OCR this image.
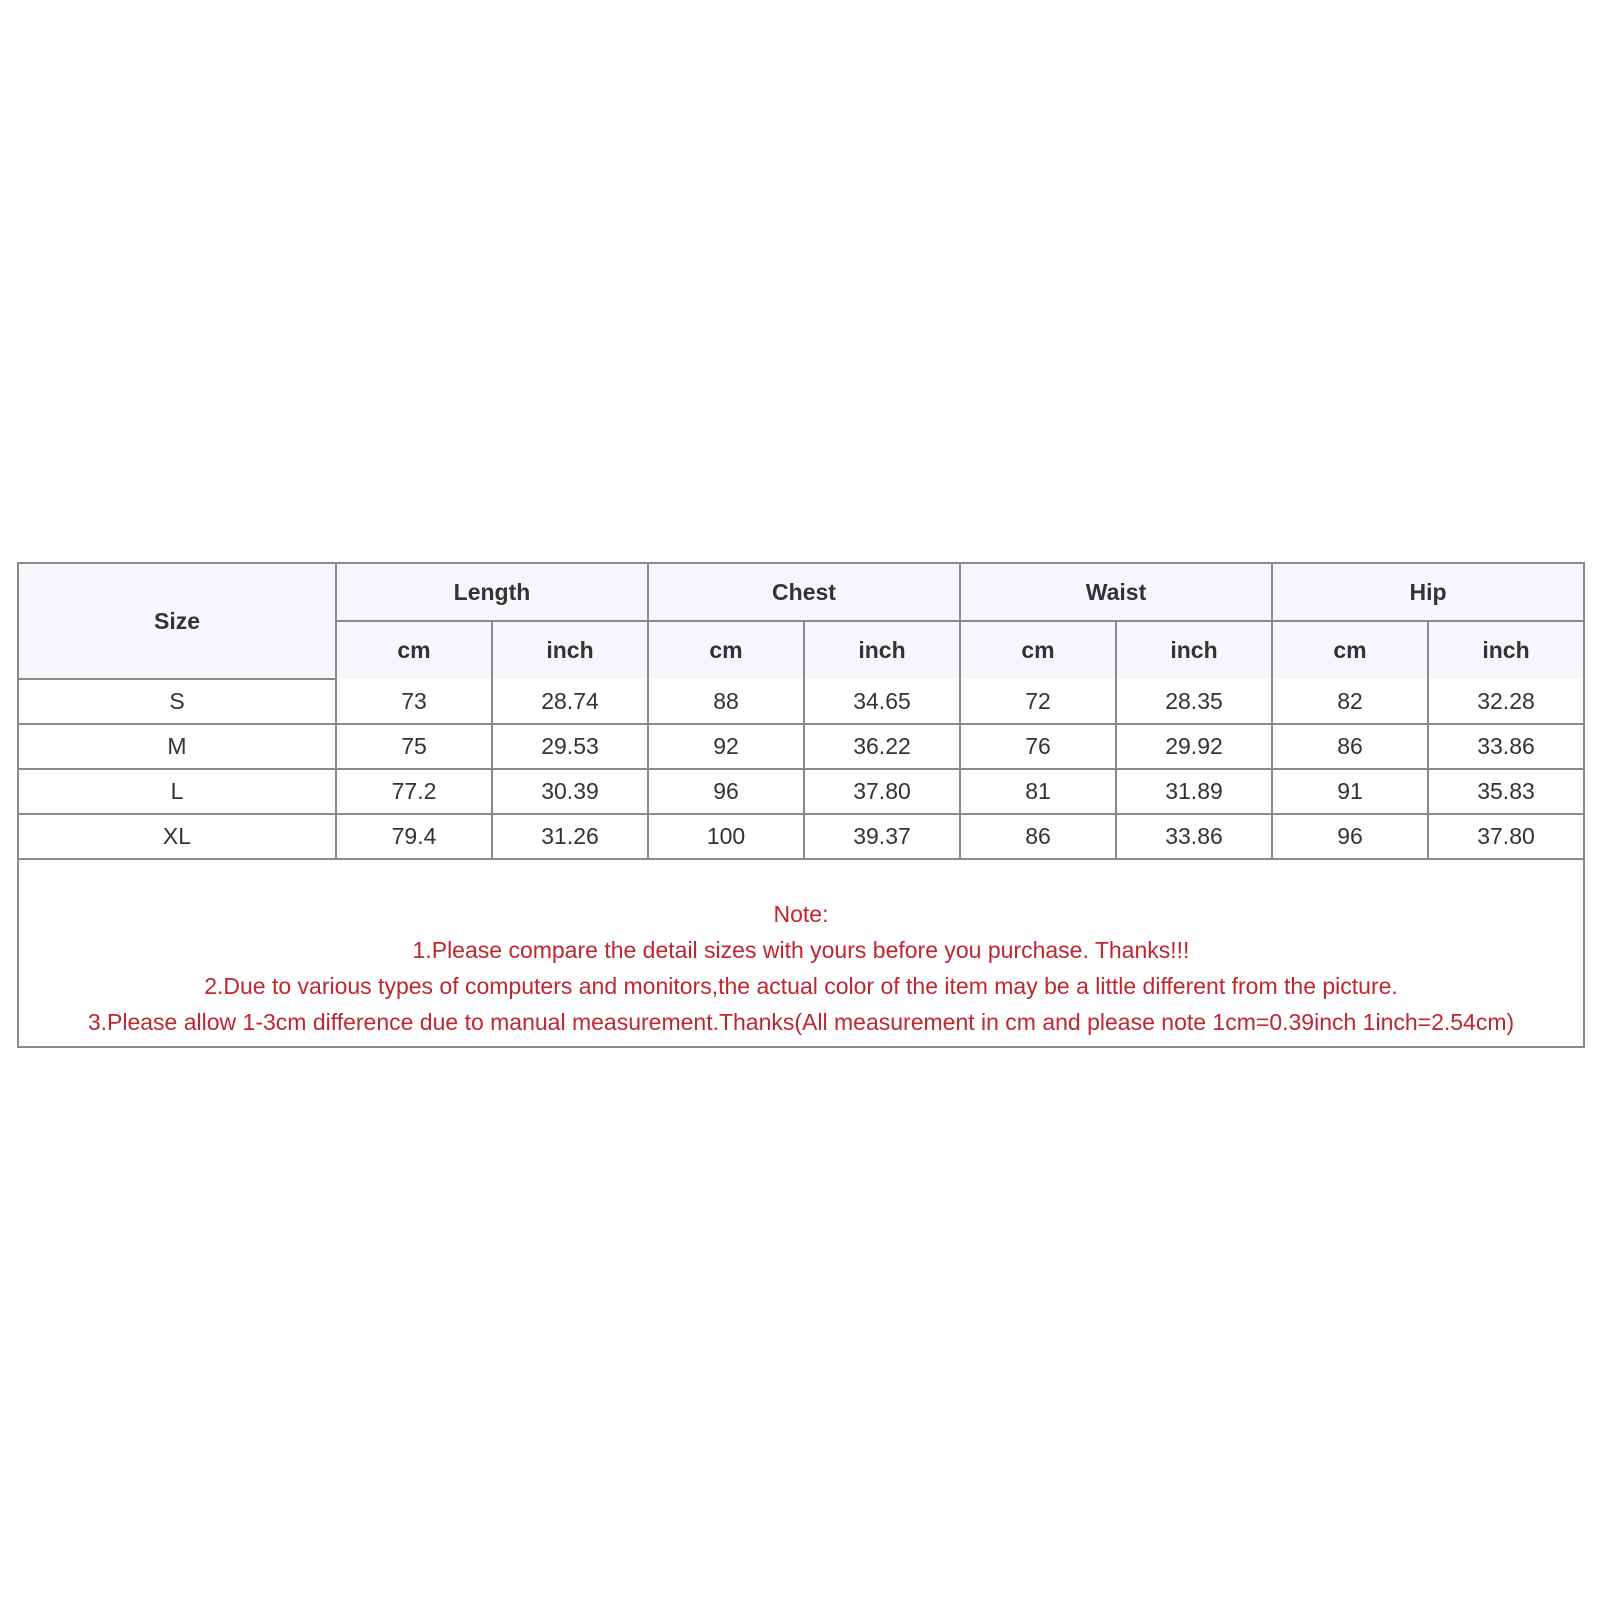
Size	Length		Chest		Waist		Hip	
	cm	inch	cm	inch	cm	inch	cm	inch
S	73	28.74	88	34.65	72	28.35	82	32.28
M	75	29.53	92	36.22	76	29.92	86	33.86
L	77.2	30.39	96	37.80	81	31.89	91	35.83
XL	79.4	31.26	100	39.37	86	33.86	96	37.80
Note:
1.Please compare the detail sizes with yours before you purchase. Thanks!!!
2.Due to various types of computers and monitors,the actual color of the item may be a little different from the picture.
3.Please allow 1-3cm difference due to manual measurement.Thanks(All measurement in cm and please note 1cm=0.39inch 1inch=2.54cm)
